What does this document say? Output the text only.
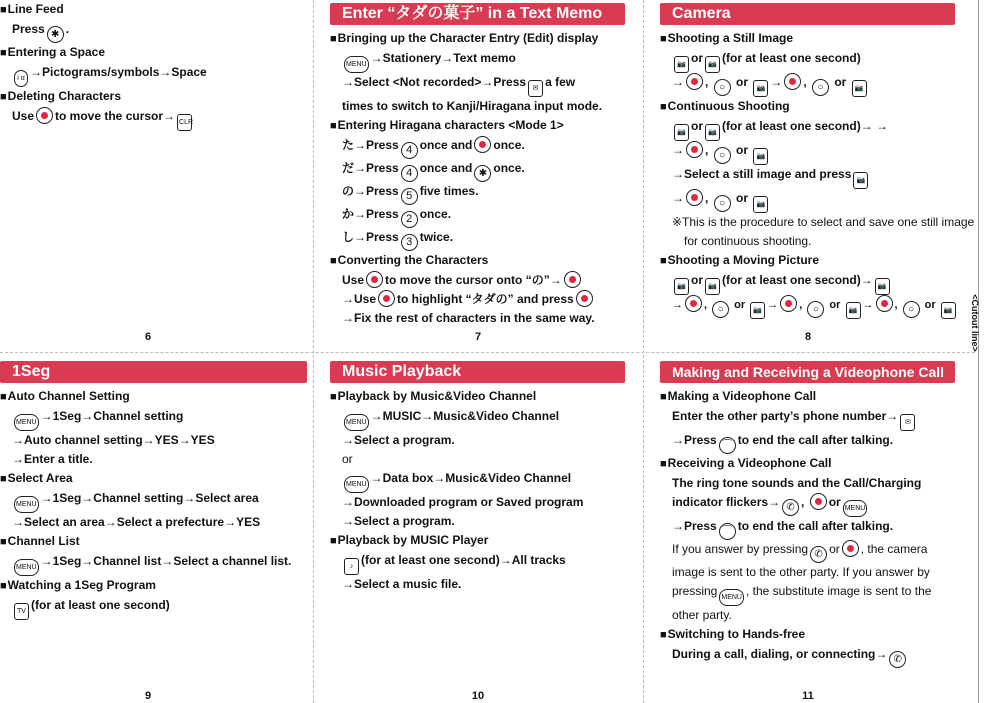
<Cutout line>
■Line Feed
Press ✱ .
■Entering a Space
i α →Pictograms/symbols→Space
■Deleting Characters
Use to move the cursor→ CLR
6
Enter “タダの菓子” in a Text Memo
■Bringing up the Character Entry (Edit) display
MENU →Stationery→Text memo
→Select <Not recorded>→Press ✉ a few
times to switch to Kanji/Hiragana input mode.
■Entering Hiragana characters <Mode 1>
た→Press 4 once and once.
だ→Press 4 once and ✱ once.
の→Press 5 five times.
か→Press 2 once.
し→Press 3 twice.
■Converting the Characters
Use to move the cursor onto “の”→
→Use to highlight “タダの” and press
→Fix the rest of characters in the same way.
7
Camera
■Shooting a Still Image
📷 or 📷 (for at least one second)
→ , ○ or 📷 → , ○ or 📷
■Continuous Shooting
📷 or 📷 (for at least one second)→ →
→ , ○ or 📷
→Select a still image and press 📷
→ , ○ or 📷
※This is the procedure to select and save one still image for continuous shooting.
■Shooting a Moving Picture
📷 or 📷 (for at least one second)→ 📷
→ , ○ or 📷 → , ○ or 📷 → , ○ or 📷
8
1Seg
■Auto Channel Setting
MENU →1Seg→Channel setting
→Auto channel setting→YES→YES
→Enter a title.
■Select Area
MENU →1Seg→Channel setting→Select area
→Select an area→Select a prefecture→YES
■Channel List
MENU →1Seg→Channel list→Select a channel list.
■Watching a 1Seg Program
TV (for at least one second)
9
Music Playback
■Playback by Music&Video Channel
MENU →MUSIC→Music&Video Channel
→Select a program.
or
MENU →Data box→Music&Video Channel
→Downloaded program or Saved program
→Select a program.
■Playback by MUSIC Player
♪ (for at least one second)→All tracks
→Select a music file.
10
Making and Receiving a Videophone Call
■Making a Videophone Call
Enter the other party’s phone number→ ✉
→Press ⌒ to end the call after talking.
■Receiving a Videophone Call
The ring tone sounds and the Call/Charging
indicator flickers→ ✆ , or MENU
→Press ⌒ to end the call after talking.
If you answer by pressing ✆ or , the camera
image is sent to the other party. If you answer by
pressing MENU , the substitute image is sent to the
other party.
■Switching to Hands-free
During a call, dialing, or connecting→ ✆
11
